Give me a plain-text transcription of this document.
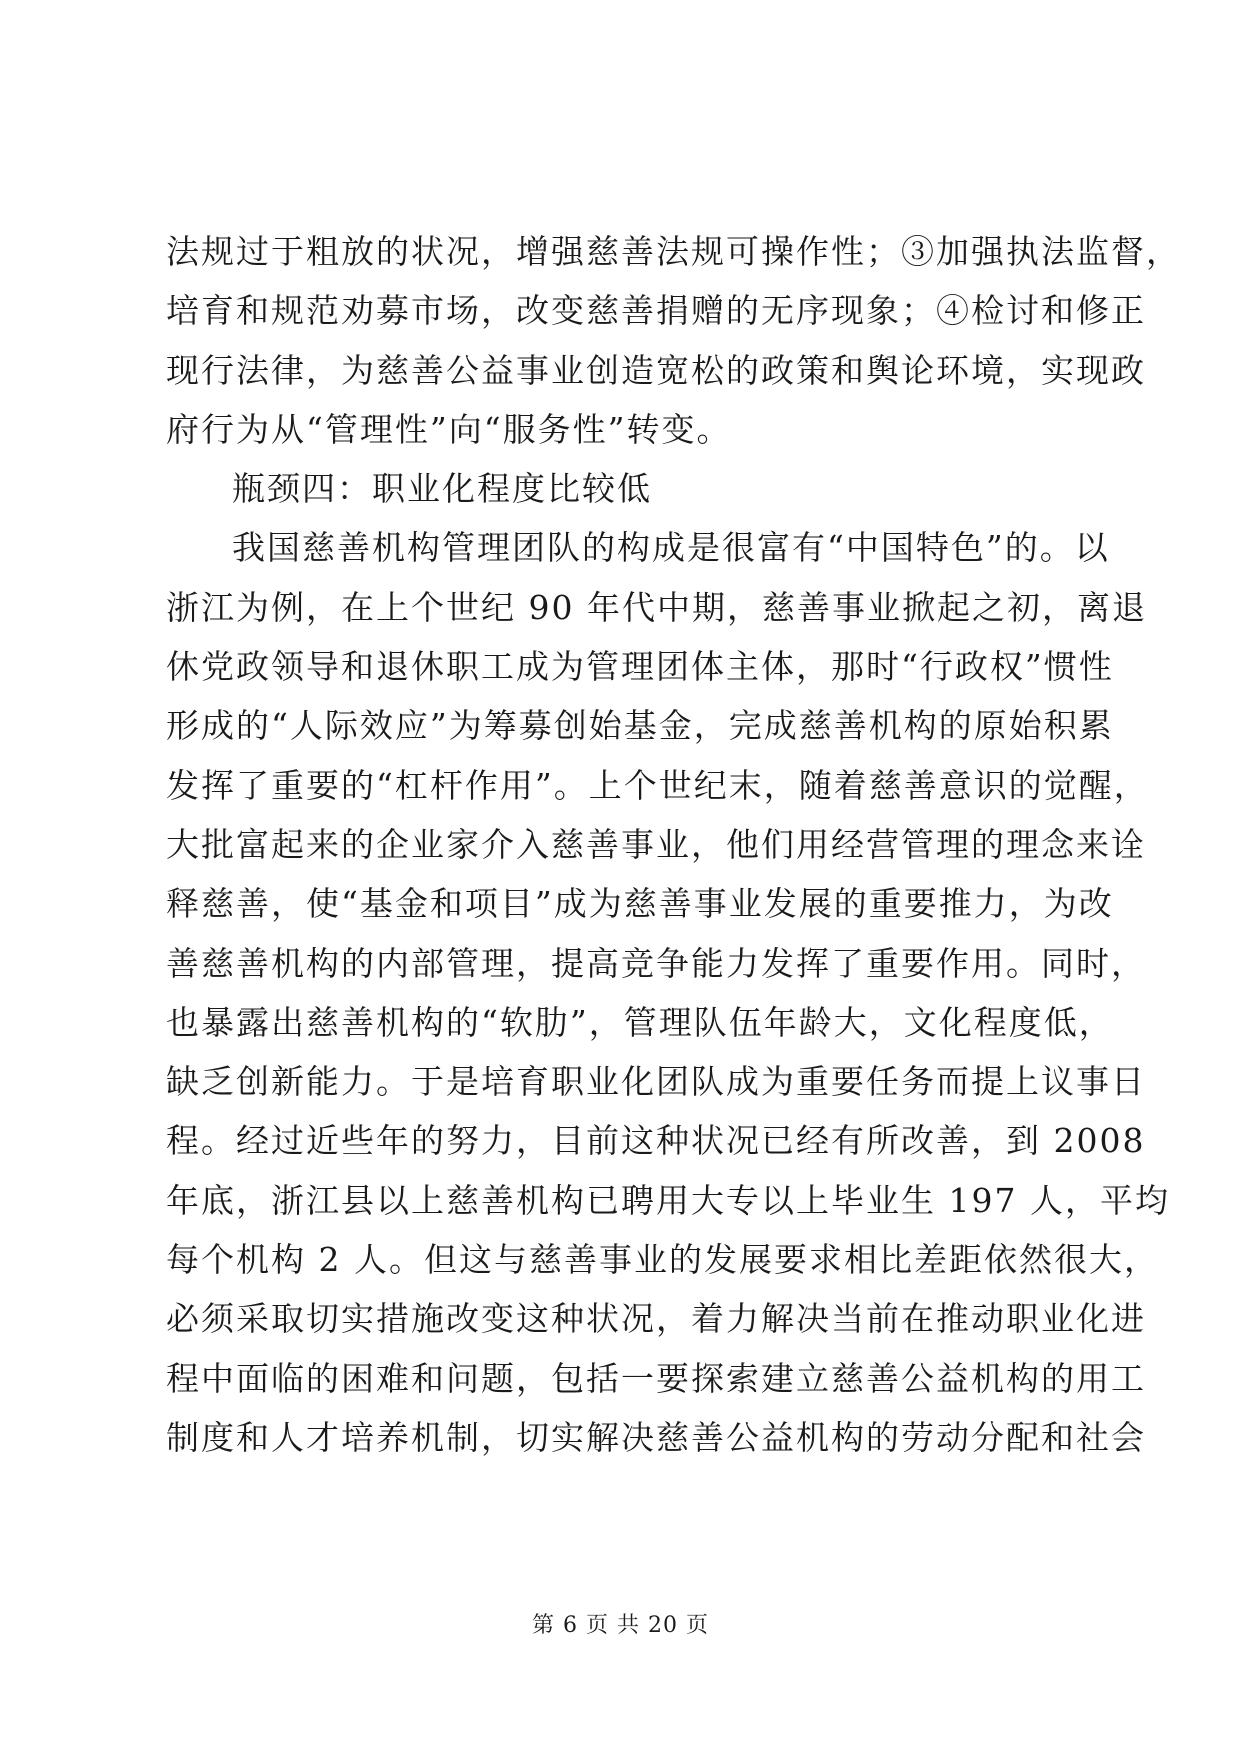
法规过于粗放的状况，增强慈善法规可操作性；③加强执法监督，
培育和规范劝募市场，改变慈善捐赠的无序现象；④检讨和修正
现行法律，为慈善公益事业创造宽松的政策和舆论环境，实现政
府行为从“管理性”向“服务性”转变。
瓶颈四：职业化程度比较低
我国慈善机构管理团队的构成是很富有“中国特色”的。以
浙江为例，在上个世纪 90 年代中期，慈善事业掀起之初，离退
休党政领导和退休职工成为管理团体主体，那时“行政权”惯性
形成的“人际效应”为筹募创始基金，完成慈善机构的原始积累
发挥了重要的“杠杆作用”。上个世纪末，随着慈善意识的觉醒，
大批富起来的企业家介入慈善事业，他们用经营管理的理念来诠
释慈善，使“基金和项目”成为慈善事业发展的重要推力，为改
善慈善机构的内部管理，提高竞争能力发挥了重要作用。同时，
也暴露出慈善机构的“软肋”，管理队伍年龄大，文化程度低，
缺乏创新能力。于是培育职业化团队成为重要任务而提上议事日
程。经过近些年的努力，目前这种状况已经有所改善，到 2008
年底，浙江县以上慈善机构已聘用大专以上毕业生 197 人，平均
每个机构 2 人。但这与慈善事业的发展要求相比差距依然很大，
必须采取切实措施改变这种状况，着力解决当前在推动职业化进
程中面临的困难和问题，包括一要探索建立慈善公益机构的用工
制度和人才培养机制，切实解决慈善公益机构的劳动分配和社会
第 6 页 共 20 页
